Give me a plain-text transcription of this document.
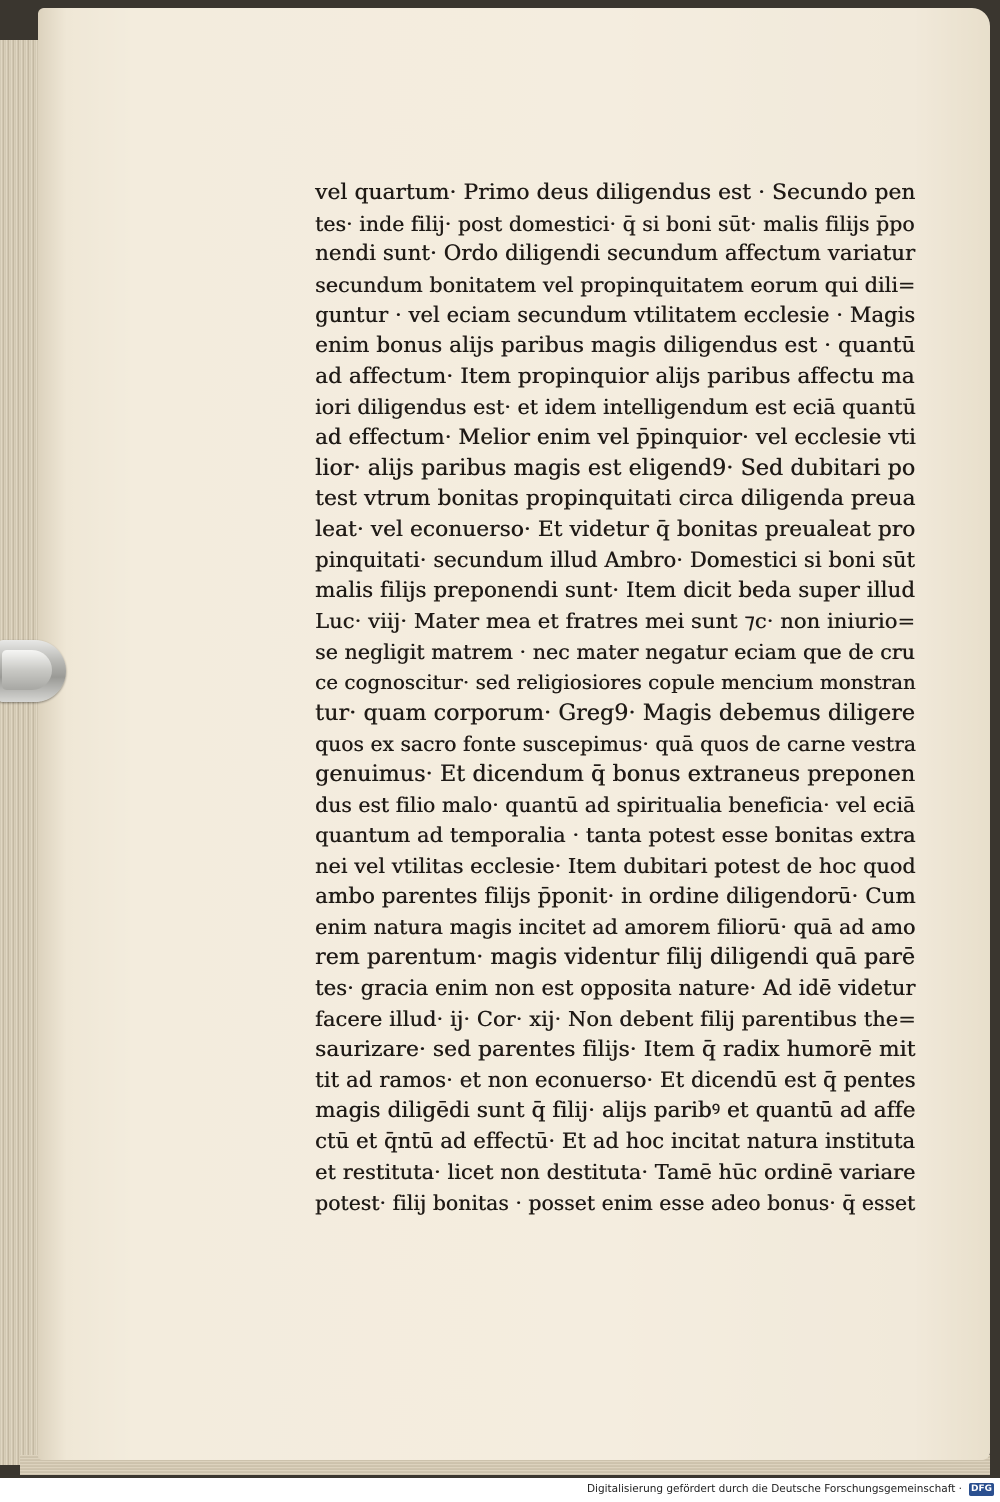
vel quartum· Primo deus diligendus est · Secundo pen
tes· inde filij· post domestici· q̄ si boni sūt· malis filijs p̄po
nendi sunt· Ordo diligendi secundum affectum variatur
secundum bonitatem vel propinquitatem eorum qui dili=
guntur · vel eciam secundum vtilitatem ecclesie · Magis
enim bonus alijs paribus magis diligendus est · quantū
ad affectum· Item propinquior alijs paribus affectu ma
iori diligendus est· et idem intelligendum est eciā quantū
ad effectum· Melior enim vel p̄pinquior· vel ecclesie vti
lior· alijs paribus magis est eligend9· Sed dubitari po
test vtrum bonitas propinquitati circa diligenda preua
leat· vel econuerso· Et videtur q̄ bonitas preualeat pro
pinquitati· secundum illud Ambro· Domestici si boni sūt
malis filijs preponendi sunt· Item dicit beda super illud
Luc· viij· Mater mea et fratres mei sunt ⁊c· non iniurio=
se negligit matrem · nec mater negatur eciam que de cru
ce cognoscitur· sed religiosiores copule mencium monstran
tur· quam corporum· Greg9· Magis debemus diligere
quos ex sacro fonte suscepimus· quā quos de carne vestra
genuimus· Et dicendum q̄ bonus extraneus preponen
dus est filio malo· quantū ad spiritualia beneficia· vel eciā
quantum ad temporalia · tanta potest esse bonitas extra
nei vel vtilitas ecclesie· Item dubitari potest de hoc quod
ambo parentes filijs p̄ponit· in ordine diligendorū· Cum
enim natura magis incitet ad amorem filiorū· quā ad amo
rem parentum· magis videntur filij diligendi quā parē
tes· gracia enim non est opposita nature· Ad idē videtur
facere illud· ij· Cor· xij· Non debent filij parentibus the=
saurizare· sed parentes filijs· Item q̄ radix humorē mit
tit ad ramos· et non econuerso· Et dicendū est q̄ pentes
magis diligēdi sunt q̄ filij· alijs paribꝰ et quantū ad affe
ctū et q̄ntū ad effectū· Et ad hoc incitat natura instituta
et restituta· licet non destituta· Tamē hūc ordinē variare
potest· filij bonitas · posset enim esse adeo bonus· q̄ esset
Digitalisierung gefördert durch die Deutsche Forschungsgemeinschaft · DFG
